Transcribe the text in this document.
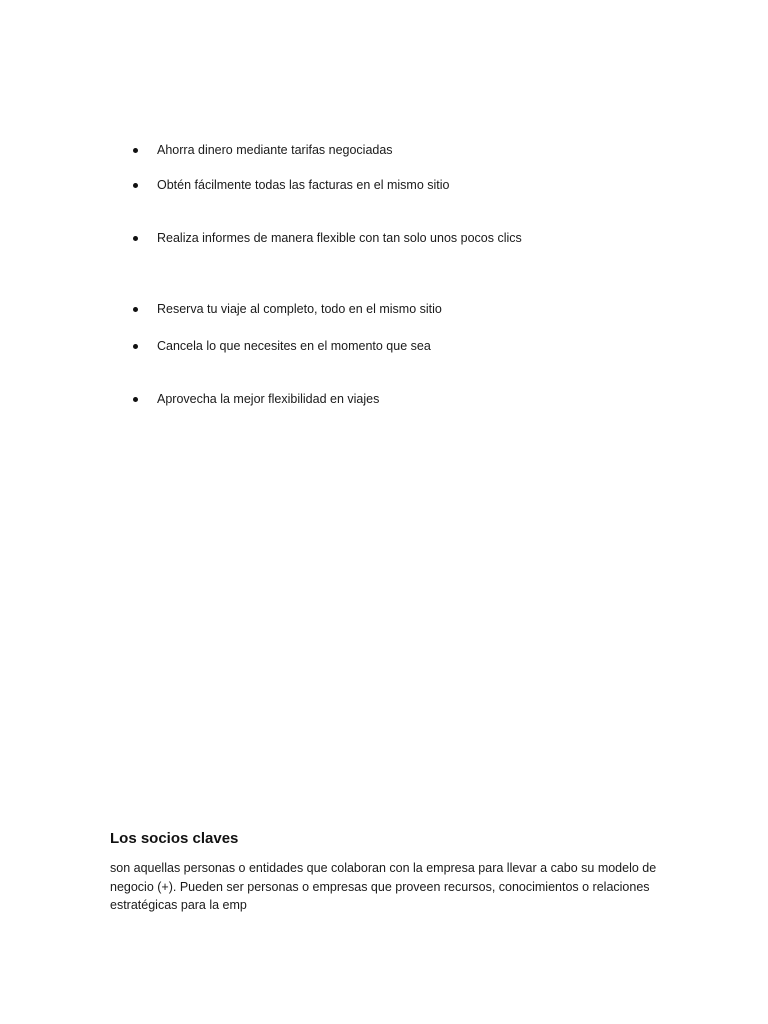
Ahorra dinero mediante tarifas negociadas
Obtén fácilmente todas las facturas en el mismo sitio
Realiza informes de manera flexible con tan solo unos pocos clics
Reserva tu viaje al completo, todo en el mismo sitio
Cancela lo que necesites en el momento que sea
Aprovecha la mejor flexibilidad en viajes
Los socios claves

son aquellas personas o entidades que colaboran con la empresa para llevar a cabo su modelo de negocio (+). Pueden ser personas o empresas que proveen recursos, conocimientos o relaciones estratégicas para la emp
